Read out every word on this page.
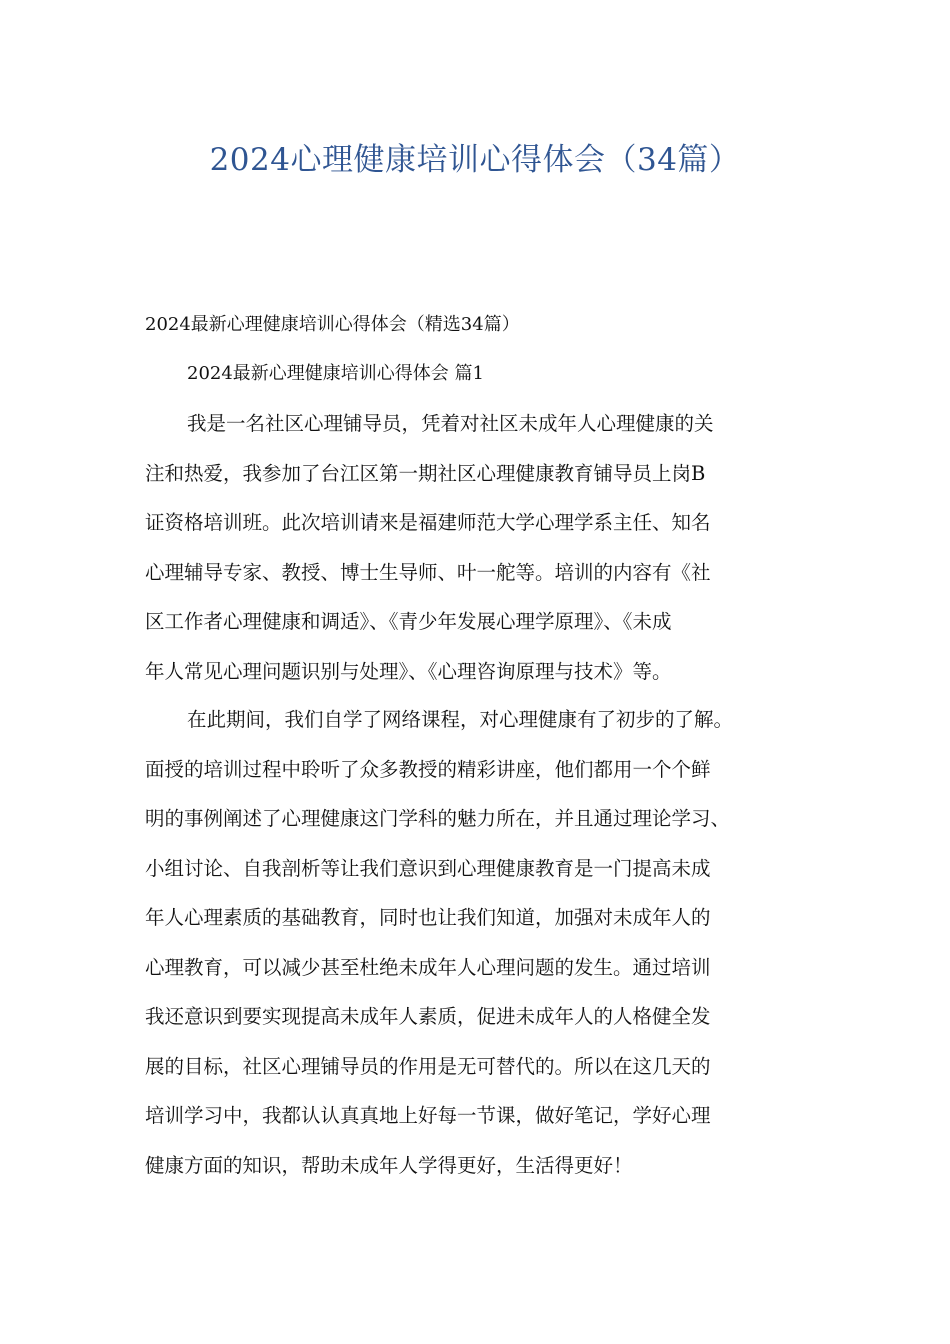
2024心理健康培训心得体会（34篇）
2024最新心理健康培训心得体会（精选34篇）
2024最新心理健康培训心得体会 篇1
我是一名社区心理铺导员，凭着对社区未成年人心理健康的关
注和热爱，我参加了台江区第一期社区心理健康教育铺导员上岗B
证资格培训班。此次培训请来是福建师范大学心理学系主任、知名
心理辅导专家、教授、博士生导师、叶一舵等。培训的内容有《社
区工作者心理健康和调适》、《青少年发展心理学原理》、《未成
年人常见心理问题识别与处理》、《心理咨询原理与技术》等。
在此期间，我们自学了网络课程，对心理健康有了初步的了解。
面授的培训过程中聆听了众多教授的精彩讲座，他们都用一个个鲜
明的事例阐述了心理健康这门学科的魅力所在，并且通过理论学习、
小组讨论、自我剖析等让我们意识到心理健康教育是一门提高未成
年人心理素质的基础教育，同时也让我们知道，加强对未成年人的
心理教育，可以减少甚至杜绝未成年人心理问题的发生。通过培训
我还意识到要实现提高未成年人素质，促进未成年人的人格健全发
展的目标，社区心理铺导员的作用是无可替代的。所以在这几天的
培训学习中，我都认认真真地上好每一节课，做好笔记，学好心理
健康方面的知识，帮助未成年人学得更好，生活得更好！
